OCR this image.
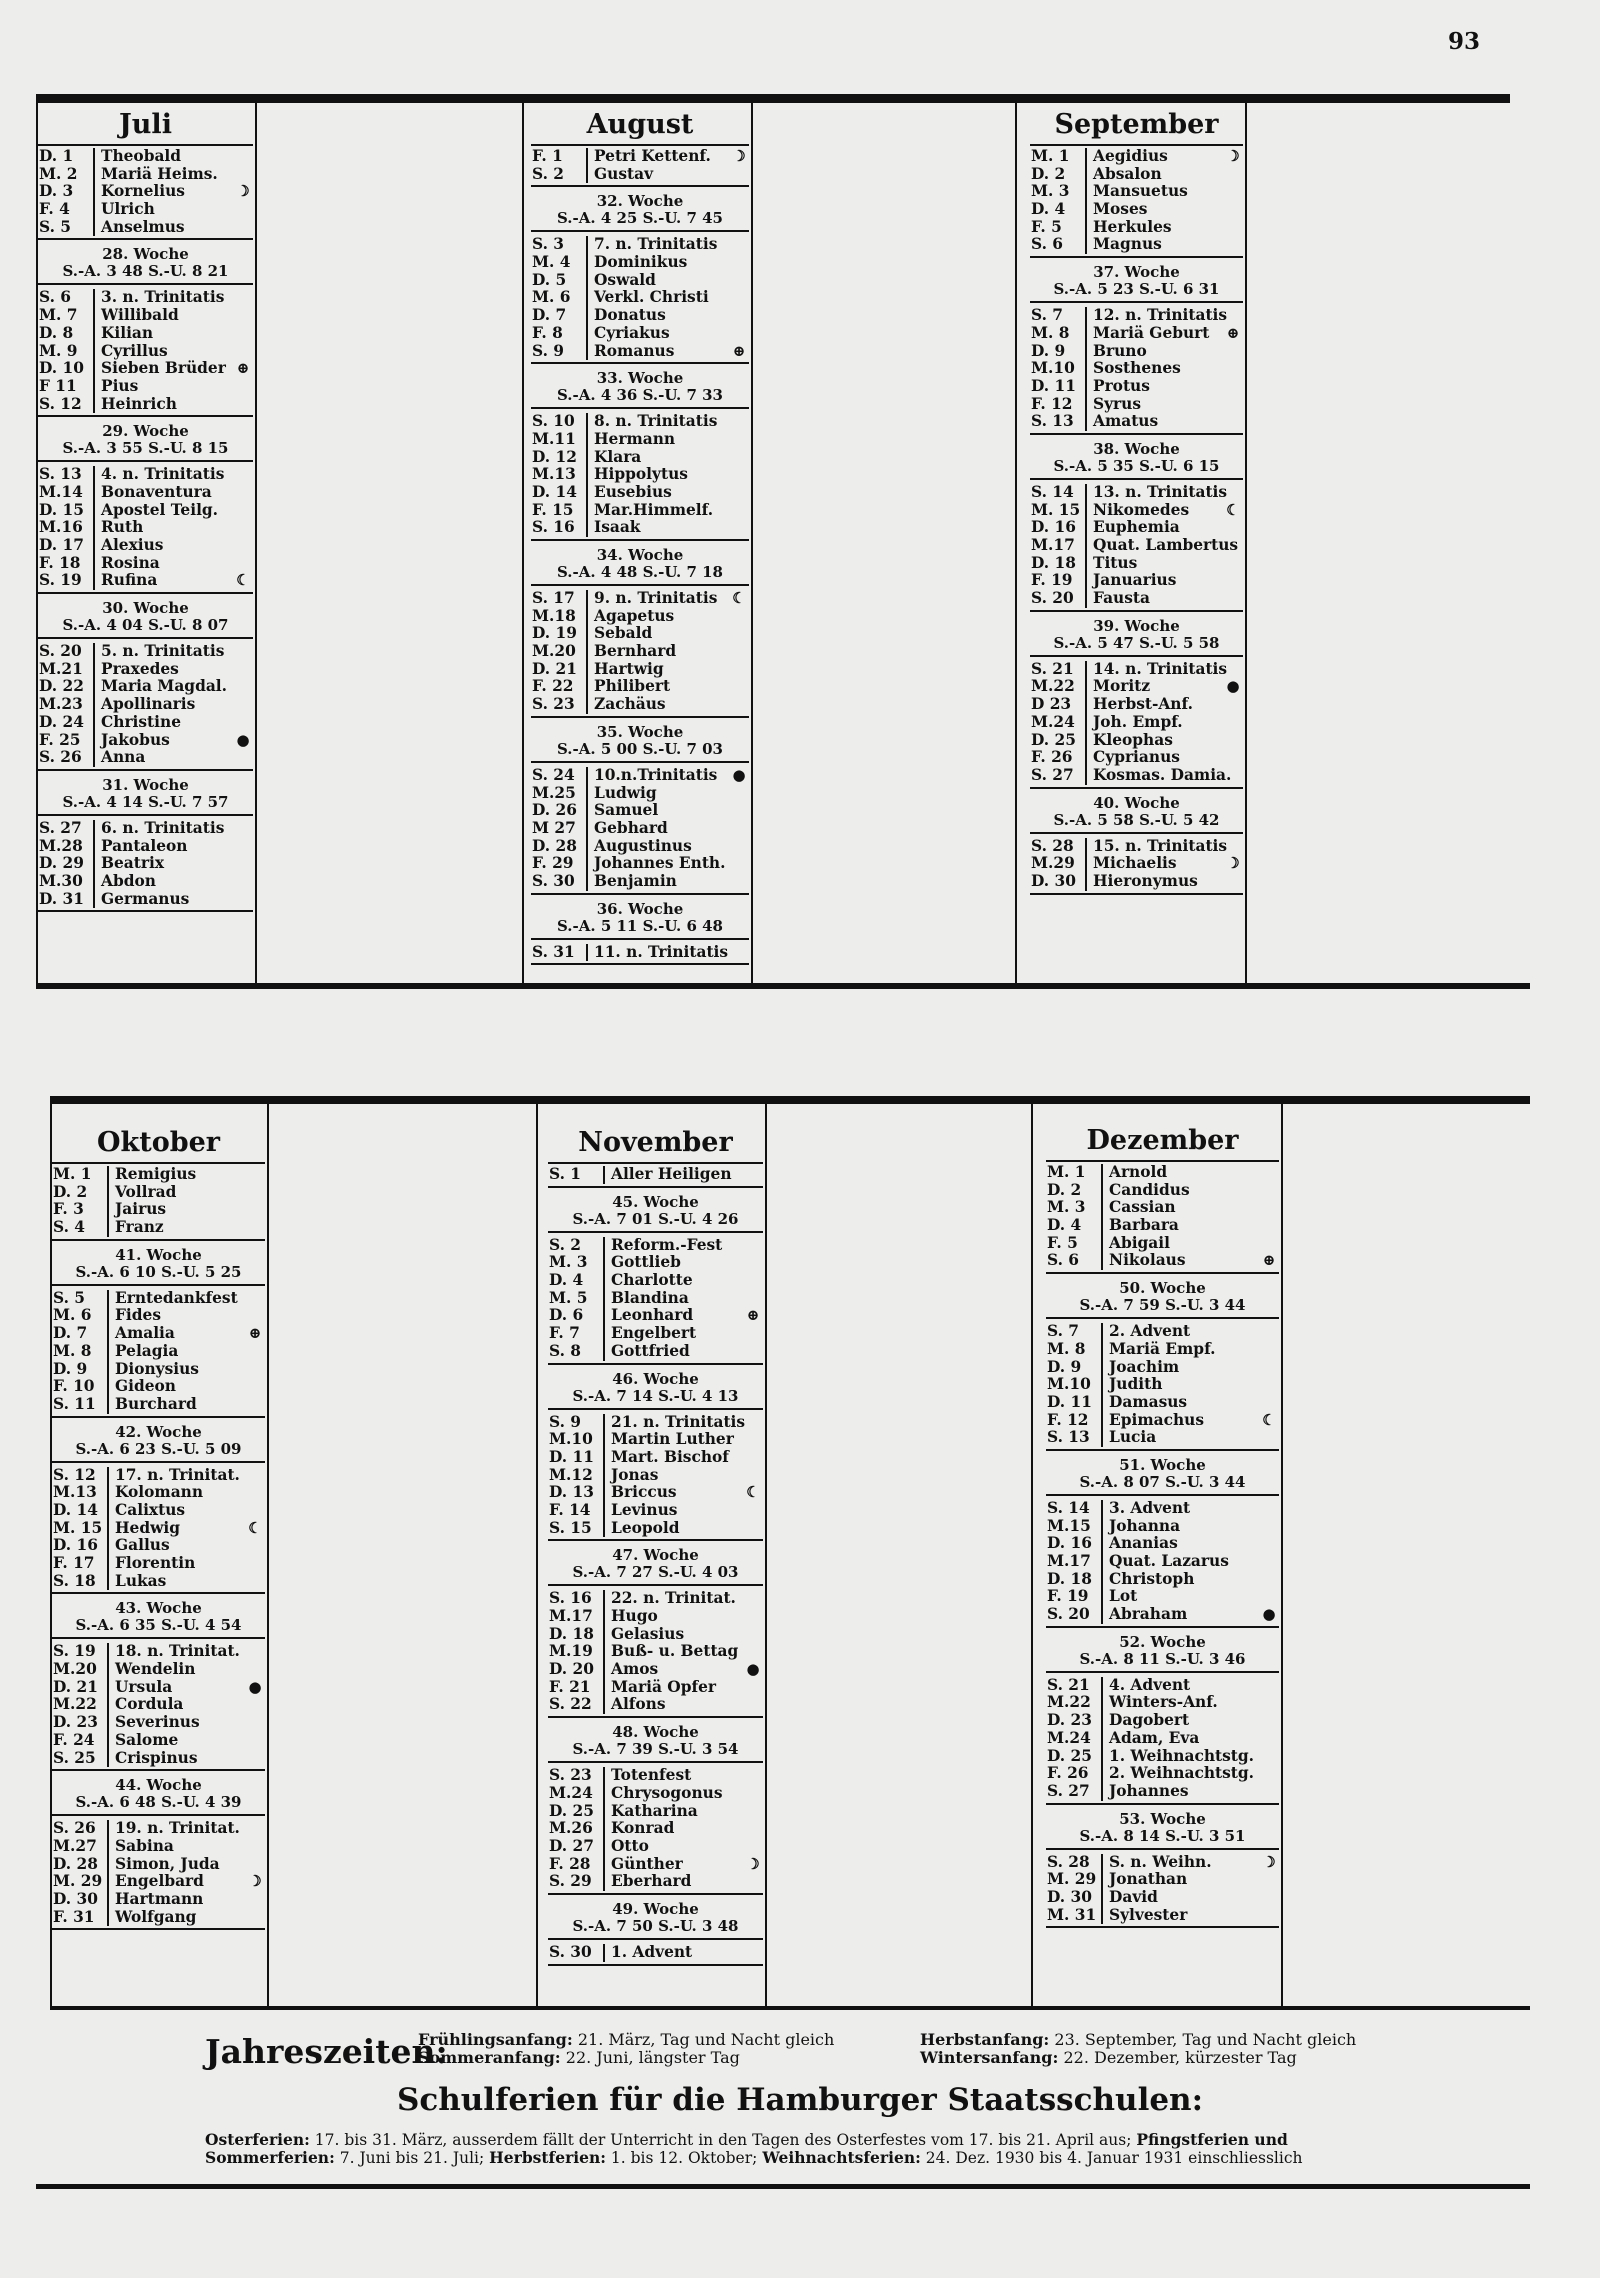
93
Juli
D. 1	Theobald
M. 2	Mariä Heims.
D. 3	Kornelius	☽
F. 4	Ulrich
S. 5	Anselmus
28. Woche
S.-A. 3 48 S.-U. 8 21
S. 6	3. n. Trinitatis
M. 7	Willibald
D. 8	Kilian
M. 9	Cyrillus
D. 10	Sieben Brüder ⊕
F 11	Pius
S. 12	Heinrich
29. Woche
S.-A. 3 55 S.-U. 8 15
S. 13	4. n. Trinitatis
M.14	Bonaventura
D. 15	Apostel Teilg.
M.16	Ruth
D. 17	Alexius
F. 18	Rosina
S. 19	Rufina	☾
30. Woche
S.-A. 4 04 S.-U. 8 07
S. 20	5. n. Trinitatis
M.21	Praxedes
D. 22	Maria Magdal.
M.23	Apollinaris
D. 24	Christine
F. 25	Jakobus	●
S. 26	Anna
31. Woche
S.-A. 4 14 S.-U. 7 57
S. 27	6. n. Trinitatis
M.28	Pantaleon
D. 29	Beatrix
M.30	Abdon
D. 31	Germanus
August
F. 1	Petri Kettenf.	☽
S. 2	Gustav
32. Woche
S.-A. 4 25 S.-U. 7 45
S. 3	7. n. Trinitatis
M. 4	Dominikus
D. 5	Oswald
M. 6	Verkl. Christi
D. 7	Donatus
F. 8	Cyriakus
S. 9	Romanus	⊕
33. Woche
S.-A. 4 36 S.-U. 7 33
S. 10	8. n. Trinitatis
M.11	Hermann
D. 12	Klara
M.13	Hippolytus
D. 14	Eusebius
F. 15	Mar.Himmelf.
S. 16	Isaak
34. Woche
S.-A. 4 48 S.-U. 7 18
S. 17	9. n. Trinitatis ☾
M.18	Agapetus
D. 19	Sebald
M.20	Bernhard
D. 21	Hartwig
F. 22	Philibert
S. 23	Zachäus
35. Woche
S.-A. 5 00 S.-U. 7 03
S. 24	10.n.Trinitatis	●
M.25	Ludwig
D. 26	Samuel
M 27	Gebhard
D. 28	Augustinus
F. 29	Johannes Enth.
S. 30	Benjamin
36. Woche
S.-A. 5 11 S.-U. 6 48
S. 31	11. n. Trinitatis
September
M. 1	Aegidius	☽
D. 2	Absalon
M. 3	Mansuetus
D. 4	Moses
F. 5	Herkules
S. 6	Magnus
37. Woche
S.-A. 5 23 S.-U. 6 31
S. 7	12. n. Trinitatis
M. 8	Mariä Geburt	⊕
D. 9	Bruno
M.10	Sosthenes
D. 11	Protus
F. 12	Syrus
S. 13	Amatus
38. Woche
S.-A. 5 35 S.-U. 6 15
S. 14	13. n. Trinitatis
M. 15 Nikomedes	☾
D. 16	Euphemia
M.17	Quat. Lambertus
D. 18	Titus
F. 19	Januarius
S. 20	Fausta
39. Woche
S.-A. 5 47 S.-U. 5 58
S. 21	14. n. Trinitatis
M.22	Moritz	●
D 23	Herbst-Anf.
M.24	Joh. Empf.
D. 25	Kleophas
F. 26	Cyprianus
S. 27	Kosmas. Damia.
40. Woche
S.-A. 5 58 S.-U. 5 42
S. 28	15. n. Trinitatis
M.29	Michaelis	☽
D. 30	Hieronymus
Oktober
M. 1	Remigius
D. 2	Vollrad
F. 3	Jairus
S. 4	Franz
41. Woche
S.-A. 6 10 S.-U. 5 25
S. 5	Erntedankfest
M. 6	Fides
D. 7	Amalia	⊕
M. 8	Pelagia
D. 9	Dionysius
F. 10	Gideon
S. 11	Burchard
42. Woche
S.-A. 6 23 S.-U. 5 09
S. 12	17. n. Trinitat.
M.13	Kolomann
D. 14	Calixtus
M. 15 Hedwig	☾
D. 16	Gallus
F. 17	Florentin
S. 18	Lukas
43. Woche
S.-A. 6 35 S.-U. 4 54
S. 19	18. n. Trinitat.
M.20	Wendelin
D. 21	Ursula	●
M.22	Cordula
D. 23	Severinus
F. 24	Salome
S. 25	Crispinus
44. Woche
S.-A. 6 48 S.-U. 4 39
S. 26	19. n. Trinitat.
M.27	Sabina
D. 28	Simon, Juda
M. 29 Engelbard	☽
D. 30	Hartmann
F. 31	Wolfgang
November
S. 1	Aller Heiligen
45. Woche
S.-A. 7 01 S.-U. 4 26
S. 2	Reform.-Fest
M. 3	Gottlieb
D. 4	Charlotte
M. 5	Blandina
D. 6	Leonhard	⊕
F. 7	Engelbert
S. 8	Gottfried
46. Woche
S.-A. 7 14 S.-U. 4 13
S. 9	21. n. Trinitatis
M.10	Martin Luther
D. 11	Mart. Bischof
M.12	Jonas
D. 13	Briccus	☾
F. 14	Levinus
S. 15	Leopold
47. Woche
S.-A. 7 27 S.-U. 4 03
S. 16	22. n. Trinitat.
M.17	Hugo
D. 18	Gelasius
M.19	Buß- u. Bettag
D. 20	Amos	●
F. 21	Mariä Opfer
S. 22	Alfons
48. Woche
S.-A. 7 39 S.-U. 3 54
S. 23	Totenfest
M.24	Chrysogonus
D. 25	Katharina
M.26	Konrad
D. 27	Otto
F. 28	Günther	☽
S. 29	Eberhard
49. Woche
S.-A. 7 50 S.-U. 3 48
S. 30	1. Advent
Dezember
M. 1	Arnold
D. 2	Candidus
M. 3	Cassian
D. 4	Barbara
F. 5	Abigail
S. 6	Nikolaus	⊕
50. Woche
S.-A. 7 59 S.-U. 3 44
S. 7	2. Advent
M. 8	Mariä Empf.
D. 9	Joachim
M.10	Judith
D. 11	Damasus
F. 12	Epimachus	☾
S. 13	Lucia
51. Woche
S.-A. 8 07 S.-U. 3 44
S. 14	3. Advent
M.15	Johanna
D. 16	Ananias
M.17	Quat. Lazarus
D. 18	Christoph
F. 19	Lot
S. 20	Abraham	●
52. Woche
S.-A. 8 11 S.-U. 3 46
S. 21	4. Advent
M.22	Winters-Anf.
D. 23	Dagobert
M.24	Adam, Eva
D. 25	1. Weihnachtstg.
F. 26	2. Weihnachtstg.
S. 27	Johannes
53. Woche
S.-A. 8 14 S.-U. 3 51
S. 28	S. n. Weihn.	☽
M. 29 Jonathan
D. 30	David
M. 31 Sylvester
Jahreszeiten:
Frühlingsanfang: 21. März, Tag und Nacht gleich
Sommeranfang: 22. Juni, längster Tag
Herbstanfang: 23. September, Tag und Nacht gleich
Wintersanfang: 22. Dezember, kürzester Tag
Schulferien für die Hamburger Staatsschulen:
Osterferien: 17. bis 31. März, ausserdem fällt der Unterricht in den Tagen des Osterfestes vom 17. bis 21. April aus; Pfingstferien und
Sommerferien: 7. Juni bis 21. Juli; Herbstferien: 1. bis 12. Oktober; Weihnachtsferien: 24. Dez. 1930 bis 4. Januar 1931 einschliesslich
